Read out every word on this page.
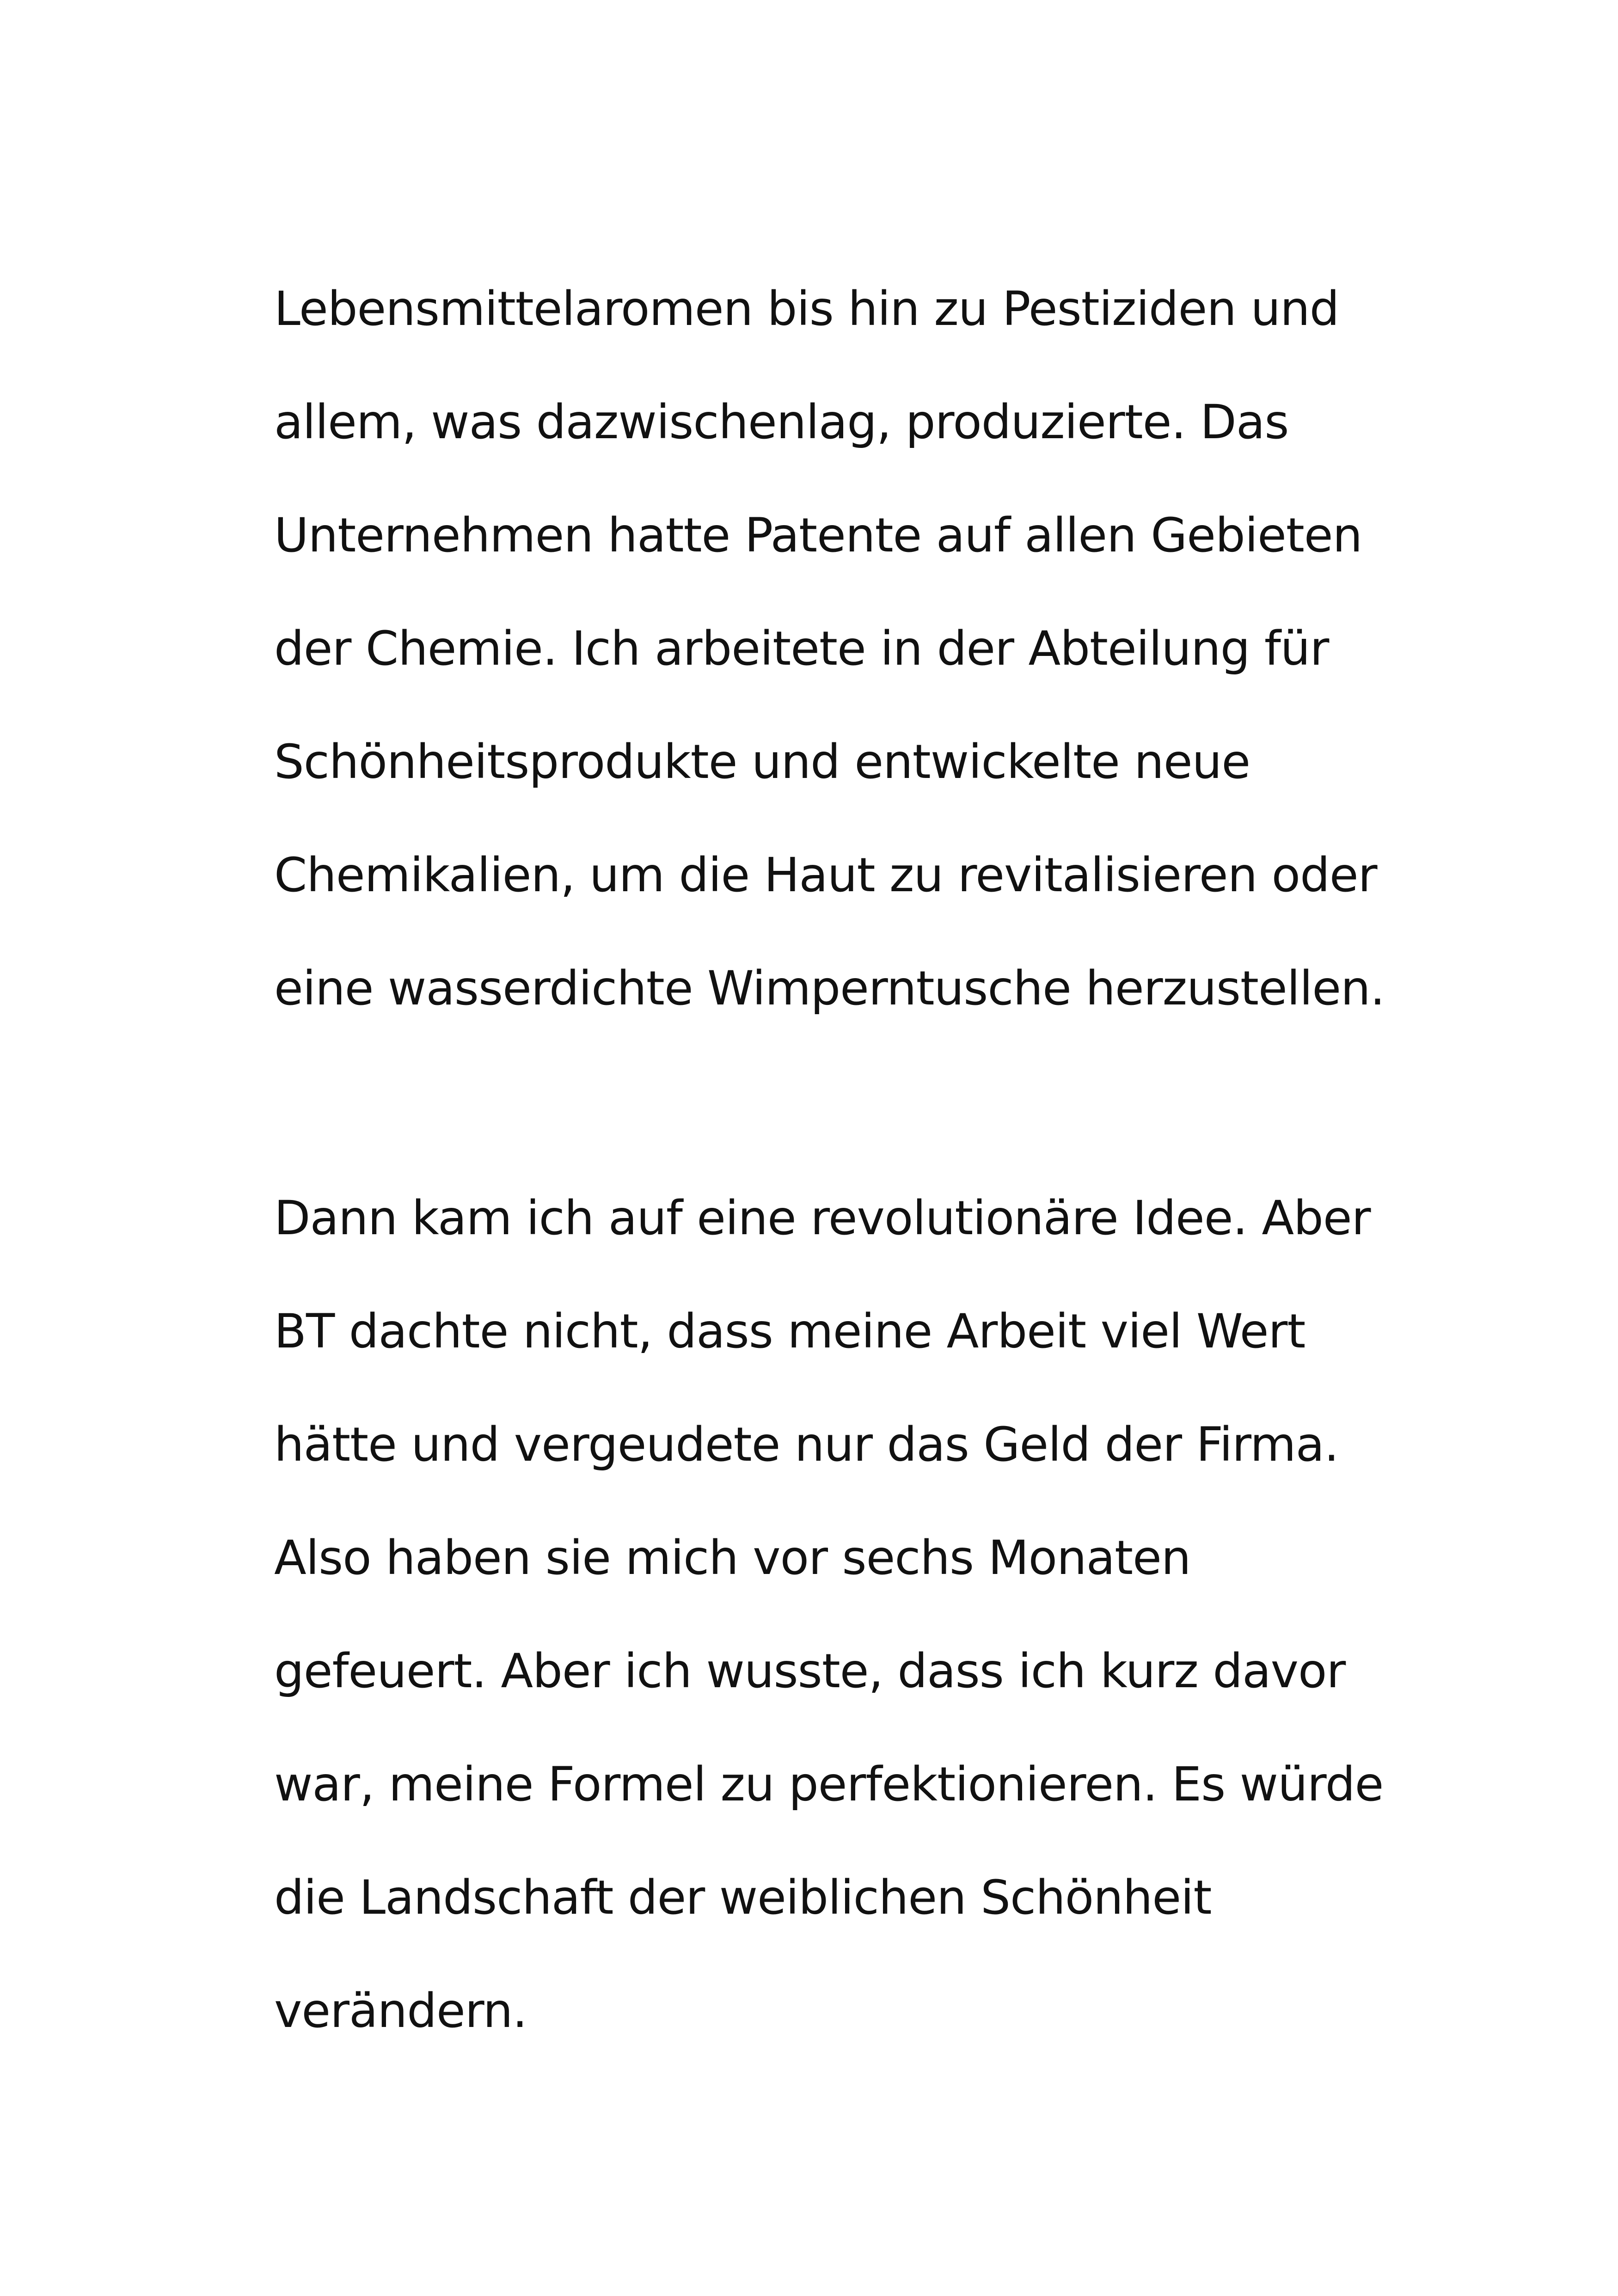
Lebensmittelaromen bis hin zu Pestiziden und
allem, was dazwischenlag, produzierte. Das
Unternehmen hatte Patente auf allen Gebieten
der Chemie. Ich arbeitete in der Abteilung für
Schönheitsprodukte und entwickelte neue
Chemikalien, um die Haut zu revitalisieren oder
eine wasserdichte Wimperntusche herzustellen.

Dann kam ich auf eine revolutionäre Idee. Aber
BT dachte nicht, dass meine Arbeit viel Wert
hätte und vergeudete nur das Geld der Firma.
Also haben sie mich vor sechs Monaten
gefeuert. Aber ich wusste, dass ich kurz davor
war, meine Formel zu perfektionieren. Es würde
die Landschaft der weiblichen Schönheit
verändern.
